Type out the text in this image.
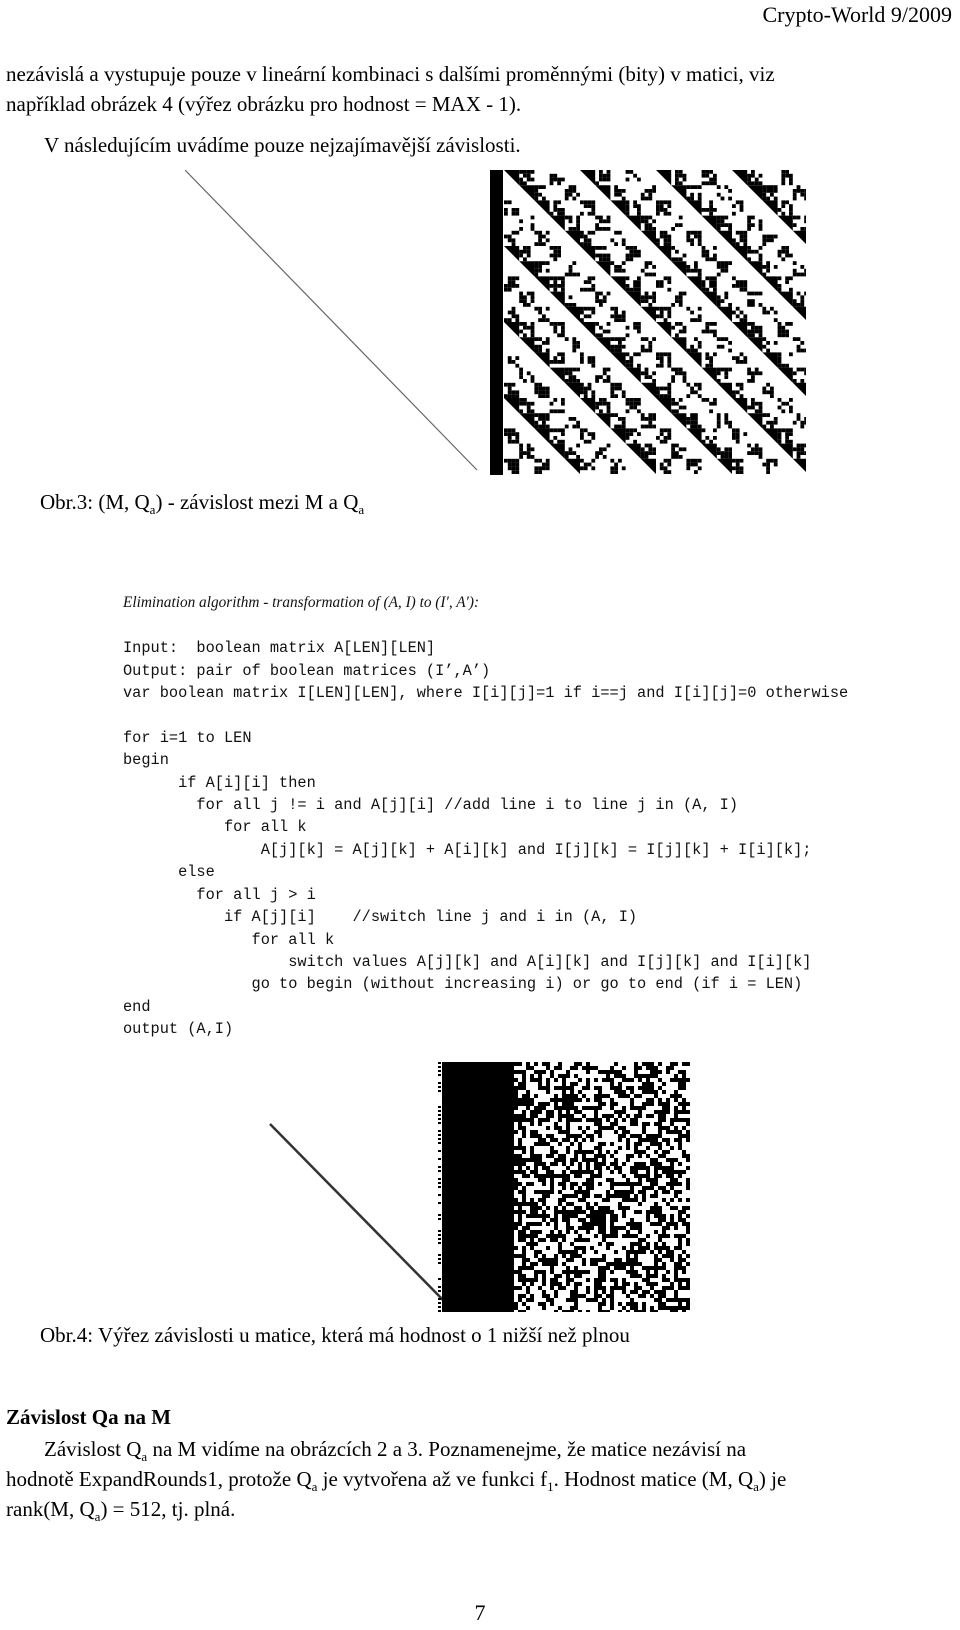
Crypto-World 9/2009
nezávislá a vystupuje pouze v lineární kombinaci s dalšími proměnnými (bity) v matici, viz
například obrázek 4 (výřez obrázku pro hodnost = MAX - 1).
V následujícím uvádíme pouze nejzajímavější závislosti.
Obr.3: (M, $Q_a$) - závislost mezi M a $Q_a$

Elimination algorithm - transformation of (A, I) to (I′, A′):

Input:  boolean matrix A[LEN][LEN]
Output: pair of boolean matrices (I’,A’)
var boolean matrix I[LEN][LEN], where I[i][j]=1 if i==j and I[i][j]=0 otherwise

for i=1 to LEN
begin
if A[i][i] then
for all j != i and A[j][i] //add line i to line j in (A, I)
for all k
A[j][k] = A[j][k] + A[i][k] and I[j][k] = I[j][k] + I[i][k];
else
for all j > i
if A[j][i]    //switch line j and i in (A, I)
for all k
switch values A[j][k] and A[i][k] and I[j][k] and I[i][k]
go to begin (without increasing i) or go to end (if i = LEN)
end
output (A,I)

Obr.4: Výřez závislosti u matice, která má hodnost o 1 nižší než plnou
Závislost Qa na M
Závislost $Q_a$ na M vidíme na obrázcích 2 a 3. Poznamenejme, že matice nezávisí na
hodnotě ExpandRounds1, protože $Q_a$ je vytvořena až ve funkci $f_1$. Hodnost matice (M, $Q_a$) je
rank(M, $Q_a) = 512$, tj. plná.
7
